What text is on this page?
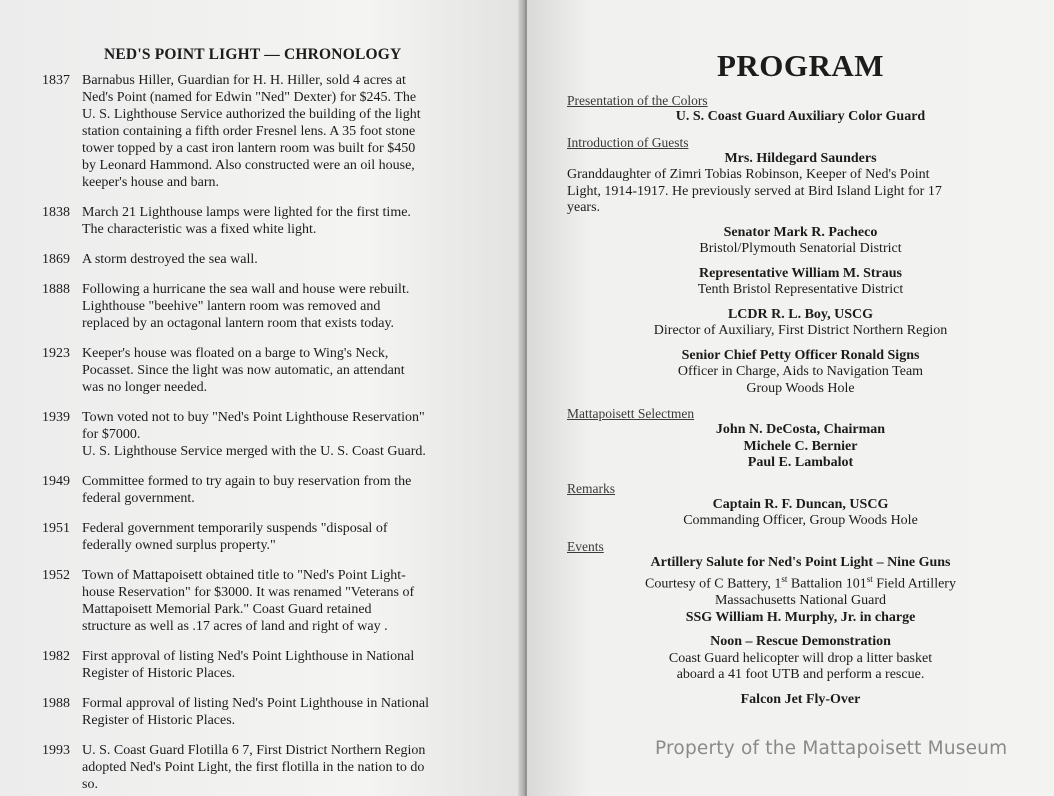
NED'S POINT LIGHT — CHRONOLOGY
1837 Barnabus Hiller, Guardian for H. H. Hiller, sold 4 acres at
Ned's Point (named for Edwin "Ned" Dexter) for $245. The
U. S. Lighthouse Service authorized the building of the light
station containing a fifth order Fresnel lens. A 35 foot stone
tower topped by a cast iron lantern room was built for $450
by Leonard Hammond. Also constructed were an oil house,
keeper's house and barn.
1838 March 21 Lighthouse lamps were lighted for the first time.
The characteristic was a fixed white light.
1869 A storm destroyed the sea wall.
1888 Following a hurricane the sea wall and house were rebuilt.
Lighthouse "beehive" lantern room was removed and
replaced by an octagonal lantern room that exists today.
1923 Keeper's house was floated on a barge to Wing's Neck,
Pocasset. Since the light was now automatic, an attendant
was no longer needed.
1939 Town voted not to buy "Ned's Point Lighthouse Reservation"
for $7000.
U. S. Lighthouse Service merged with the U. S. Coast Guard.
1949 Committee formed to try again to buy reservation from the
federal government.
1951 Federal government temporarily suspends "disposal of
federally owned surplus property."
1952 Town of Mattapoisett obtained title to "Ned's Point Light-
house Reservation" for $3000. It was renamed "Veterans of
Mattapoisett Memorial Park." Coast Guard retained
structure as well as .17 acres of land and right of way .
1982 First approval of listing Ned's Point Lighthouse in National
Register of Historic Places.
1988 Formal approval of listing Ned's Point Lighthouse in National
Register of Historic Places.
1993 U. S. Coast Guard Flotilla 6 7, First District Northern Region
adopted Ned's Point Light, the first flotilla in the nation to do
so.
PROGRAM
Presentation of the Colors
U. S. Coast Guard Auxiliary Color Guard
Introduction of Guests
Mrs. Hildegard Saunders
Granddaughter of Zimri Tobias Robinson, Keeper of Ned's Point
Light, 1914-1917. He previously served at Bird Island Light for 17
years.
Senator Mark R. Pacheco
Bristol/Plymouth Senatorial District
Representative William M. Straus
Tenth Bristol Representative District
LCDR R. L. Boy, USCG
Director of Auxiliary, First District Northern Region
Senior Chief Petty Officer Ronald Signs
Officer in Charge, Aids to Navigation Team
Group Woods Hole
Mattapoisett Selectmen
John N. DeCosta, Chairman
Michele C. Bernier
Paul E. Lambalot
Remarks
Captain R. F. Duncan, USCG
Commanding Officer, Group Woods Hole
Events
Artillery Salute for Ned's Point Light – Nine Guns
Courtesy of C Battery, 1st Battalion 101st Field Artillery
Massachusetts National Guard
SSG William H. Murphy, Jr. in charge
Noon – Rescue Demonstration
Coast Guard helicopter will drop a litter basket
aboard a 41 foot UTB and perform a rescue.
Falcon Jet Fly-Over
Property of the Mattapoisett Museum
